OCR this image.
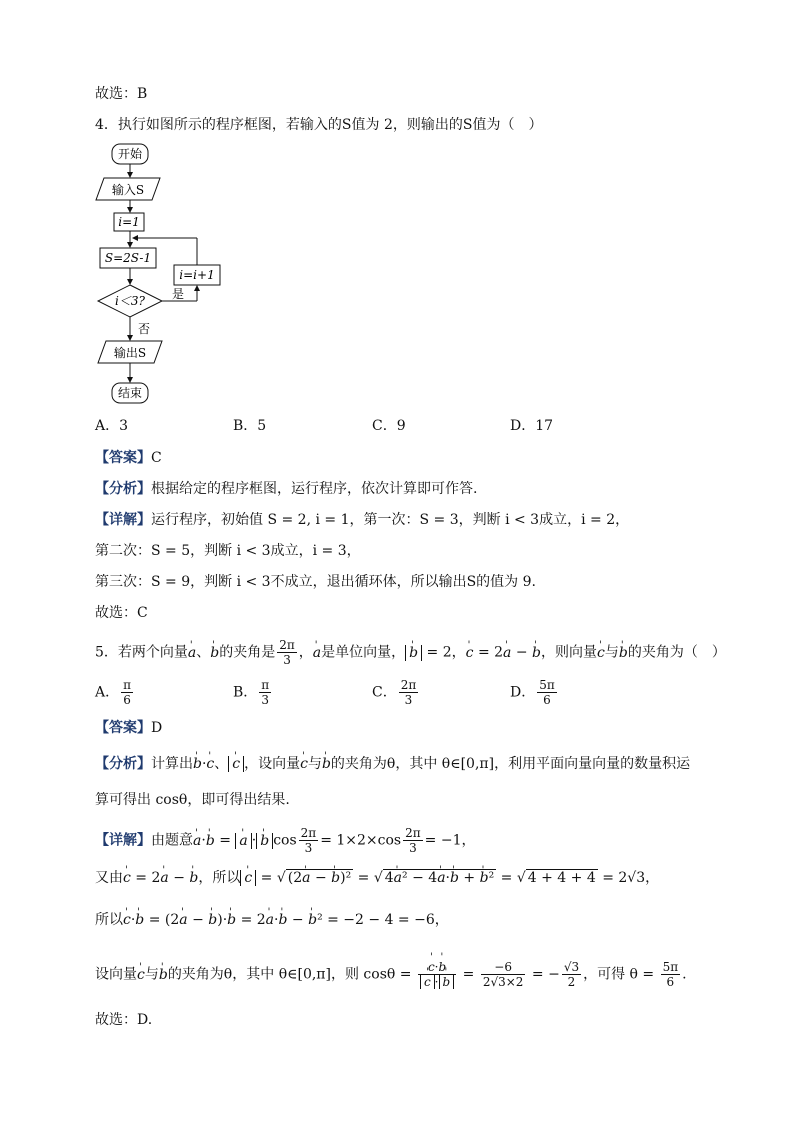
故选：B
4．执行如图所示的程序框图，若输入的S值为 2，则输出的S值为（　）
开始
输入S
i=1
S=2S-1
i＜3? 是
i=i+1
否
输出S
结束
A．3	B．5	C．9	D．17
【答案】C
【分析】根据给定的程序框图，运行程序，依次计算即可作答.
【详解】运行程序，初始值 S = 2, i = 1，第一次：S = 3，判断 i < 3成立，i = 2，
第二次：S = 5，判断 i < 3成立，i = 3，
第三次：S = 9，判断 i < 3不成立，退出循环体，所以输出S的值为 9.
故选：C
5．若两个向量' a、' b的夹角是 $\frac{2\pi}{3}$ ，' a是单位向量， ' b = 2，' c = 2' a − ' b，则向量' c与' b的夹角为（　）
A． $\frac{\pi}{6}$	B． $\frac{\pi}{3}$	C． $\frac{2\pi}{3}$	D． $\frac{5\pi}{6}$
【答案】D
【分析】计算出' b·' c、 ' c ，设向量' c与' b的夹角为θ，其中 θ∈[0,π]，利用平面向量向量的数量积运
算可得出 cosθ，即可得出结果.
【详解】由题意' a·' b = ' a · ' b $\cos \frac{2\pi}{3} = 1\times 2\times\cos \frac{2\pi}{3} = -1$，
又由' c = 2' a − ' b，所以 ' c = √ (2' a − ' b)² = √ 4' a² − 4' a·' b + ' b² = √ 4 + 4 + 4 = 2√3，
所以' c·' b = (2' a − ' b)·' b = 2' a·' b − ' b² = −2 − 4 = −6，
设向量' c与' b的夹角为θ，其中 θ∈[0,π]，则 cosθ = ' c·' b
' c · ' $b = \frac{-6}{2√3\times 2}$ = − $\frac{√3}{2}$ ，可得 $\theta = \frac{5\pi}{6}$ .
故选：D.
